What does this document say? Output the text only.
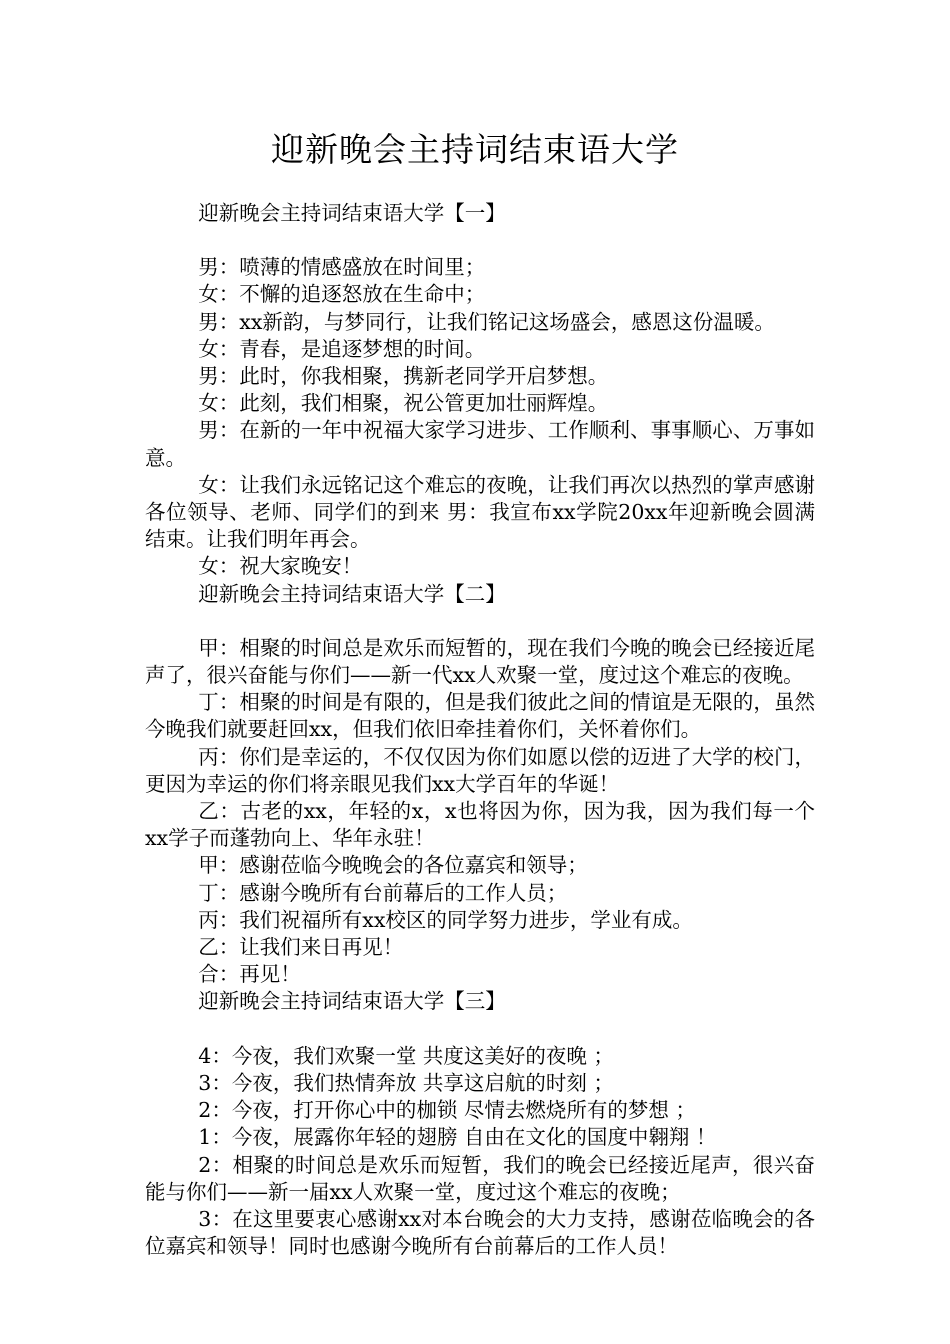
迎新晚会主持词结束语大学

迎新晚会主持词结束语大学【一】

男：喷薄的情感盛放在时间里；

女：不懈的追逐怒放在生命中；

男：xx新韵，与梦同行，让我们铭记这场盛会，感恩这份温暖。

女：青春，是追逐梦想的时间。

男：此时，你我相聚，携新老同学开启梦想。

女：此刻，我们相聚，祝公管更加壮丽辉煌。

男：在新的一年中祝福大家学习进步、工作顺利、事事顺心、万事如意。

女：让我们永远铭记这个难忘的夜晚，让我们再次以热烈的掌声感谢各位领导、老师、同学们的到来 男：我宣布xx学院20xx年迎新晚会圆满结束。让我们明年再会。

女：祝大家晚安！

迎新晚会主持词结束语大学【二】

甲：相聚的时间总是欢乐而短暂的，现在我们今晚的晚会已经接近尾声了，很兴奋能与你们——新一代xx人欢聚一堂，度过这个难忘的夜晚。

丁：相聚的时间是有限的，但是我们彼此之间的情谊是无限的，虽然今晚我们就要赶回xx，但我们依旧牵挂着你们，关怀着你们。

丙：你们是幸运的，不仅仅因为你们如愿以偿的迈进了大学的校门，更因为幸运的你们将亲眼见我们xx大学百年的华诞！

乙：古老的xx，年轻的x，x也将因为你，因为我，因为我们每一个xx学子而蓬勃向上、华年永驻！

甲：感谢莅临今晚晚会的各位嘉宾和领导；

丁：感谢今晚所有台前幕后的工作人员；

丙：我们祝福所有xx校区的同学努力进步，学业有成。

乙：让我们来日再见！

合：再见！

迎新晚会主持词结束语大学【三】

4：今夜，我们欢聚一堂 共度这美好的夜晚 ；

3：今夜，我们热情奔放 共享这启航的时刻 ；

2：今夜，打开你心中的枷锁 尽情去燃烧所有的梦想 ；

1：今夜，展露你年轻的翅膀 自由在文化的国度中翱翔 ！

2：相聚的时间总是欢乐而短暂，我们的晚会已经接近尾声，很兴奋能与你们——新一届xx人欢聚一堂，度过这个难忘的夜晚；

3：在这里要衷心感谢xx对本台晚会的大力支持，感谢莅临晚会的各位嘉宾和领导！同时也感谢今晚所有台前幕后的工作人员！
